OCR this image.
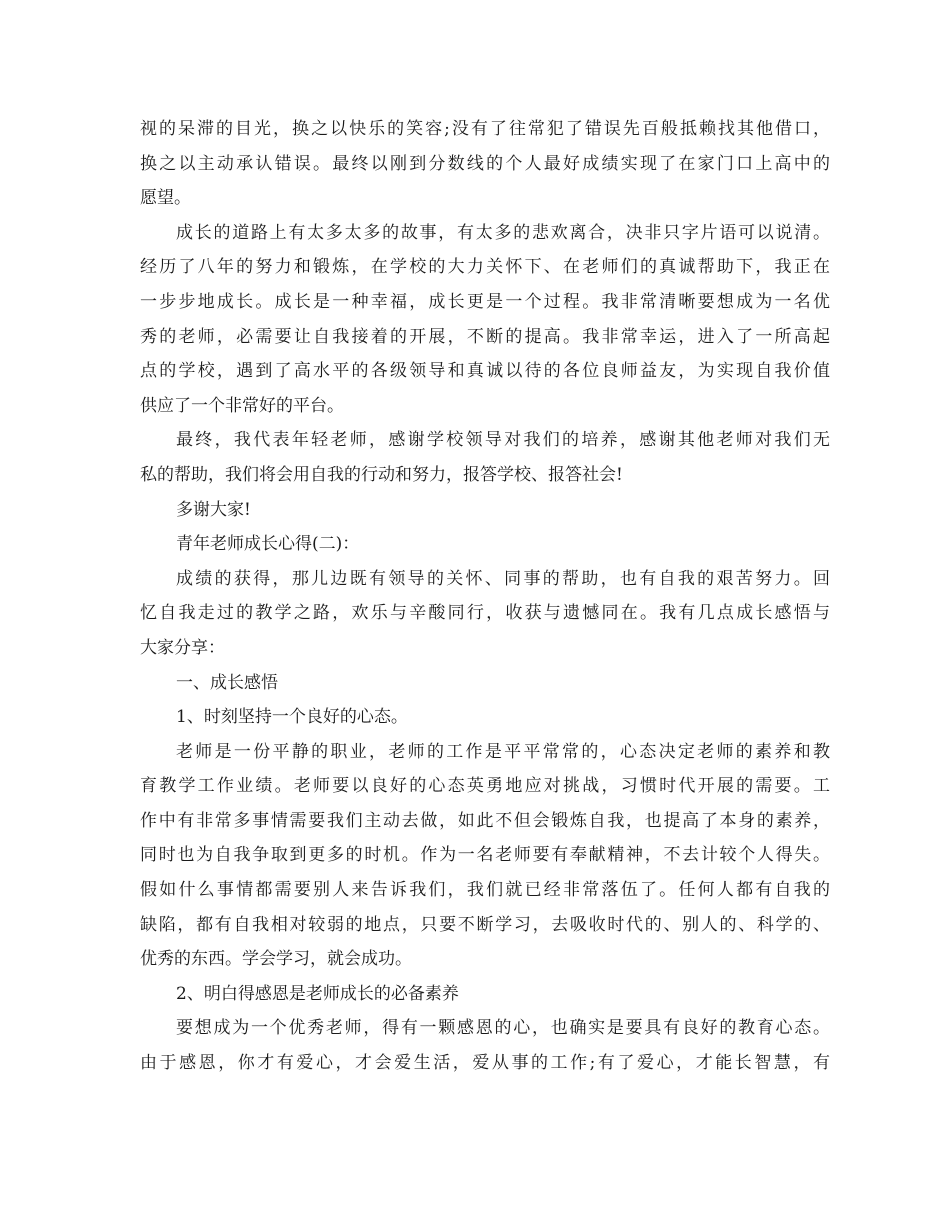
视的呆滞的目光，换之以快乐的笑容;没有了往常犯了错误先百般抵赖找其他借口，
换之以主动承认错误。最终以刚到分数线的个人最好成绩实现了在家门口上高中的
愿望。
成长的道路上有太多太多的故事，有太多的悲欢离合，决非只字片语可以说清。
经历了八年的努力和锻炼，在学校的大力关怀下、在老师们的真诚帮助下，我正在
一步步地成长。成长是一种幸福，成长更是一个过程。我非常清晰要想成为一名优
秀的老师，必需要让自我接着的开展，不断的提高。我非常幸运，进入了一所高起
点的学校，遇到了高水平的各级领导和真诚以待的各位良师益友，为实现自我价值
供应了一个非常好的平台。
最终，我代表年轻老师，感谢学校领导对我们的培养，感谢其他老师对我们无
私的帮助，我们将会用自我的行动和努力，报答学校、报答社会!
多谢大家!
青年老师成长心得(二)：
成绩的获得，那儿边既有领导的关怀、同事的帮助，也有自我的艰苦努力。回
忆自我走过的教学之路，欢乐与辛酸同行，收获与遗憾同在。我有几点成长感悟与
大家分享：
一、成长感悟
1、时刻坚持一个良好的心态。
老师是一份平静的职业，老师的工作是平平常常的，心态决定老师的素养和教
育教学工作业绩。老师要以良好的心态英勇地应对挑战，习惯时代开展的需要。工
作中有非常多事情需要我们主动去做，如此不但会锻炼自我，也提高了本身的素养，
同时也为自我争取到更多的时机。作为一名老师要有奉献精神，不去计较个人得失。
假如什么事情都需要别人来告诉我们，我们就已经非常落伍了。任何人都有自我的
缺陷，都有自我相对较弱的地点，只要不断学习，去吸收时代的、别人的、科学的、
优秀的东西。学会学习，就会成功。
2、明白得感恩是老师成长的必备素养
要想成为一个优秀老师，得有一颗感恩的心，也确实是要具有良好的教育心态。
由于感恩，你才有爱心，才会爱生活，爱从事的工作;有了爱心，才能长智慧，有
